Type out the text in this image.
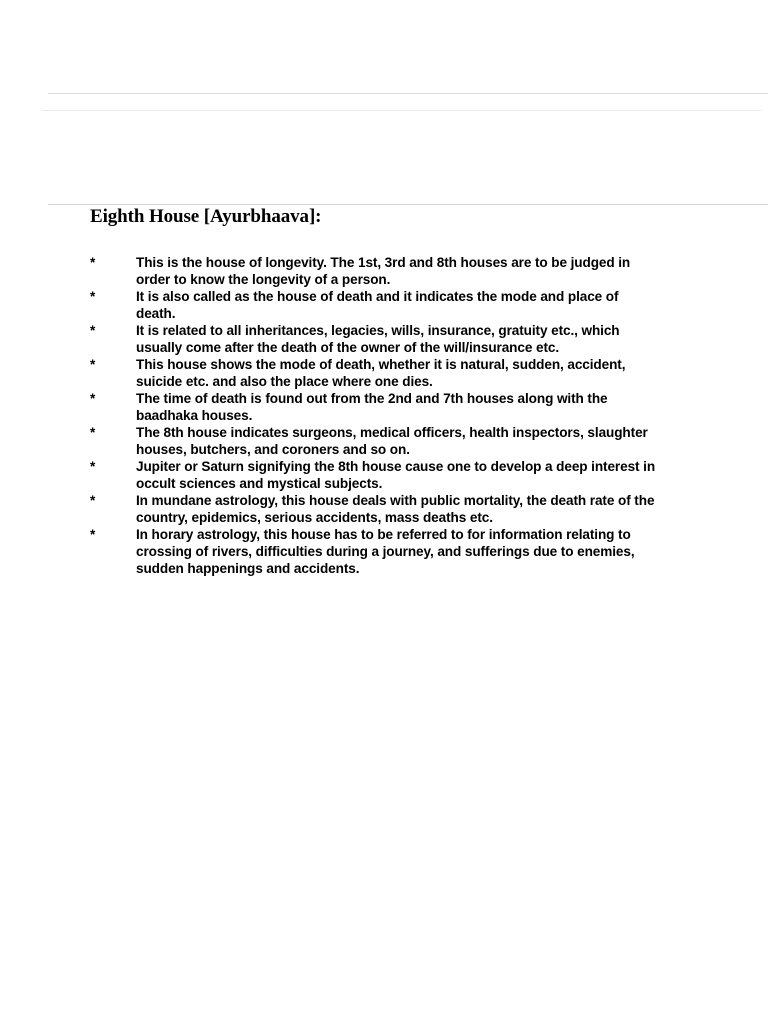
Eighth House [Ayurbhaava]:
*	This is the house of longevity. The 1st, 3rd and 8th houses are to be judged in
order to know the longevity of a person.
*	It is also called as the house of death and it indicates the mode and place of
death.
*	It is related to all inheritances, legacies, wills, insurance, gratuity etc., which
usually come after the death of the owner of the will/insurance etc.
*	This house shows the mode of death, whether it is natural, sudden, accident,
suicide etc. and also the place where one dies.
*	The time of death is found out from the 2nd and 7th houses along with the
baadhaka houses.
*	The 8th house indicates surgeons, medical officers, health inspectors, slaughter
houses, butchers, and coroners and so on.
*	Jupiter or Saturn signifying the 8th house cause one to develop a deep interest in
occult sciences and mystical subjects.
*	In mundane astrology, this house deals with public mortality, the death rate of the
country, epidemics, serious accidents, mass deaths etc.
*	In horary astrology, this house has to be referred to for information relating to
crossing of rivers, difficulties during a journey, and sufferings due to enemies,
sudden happenings and accidents.
